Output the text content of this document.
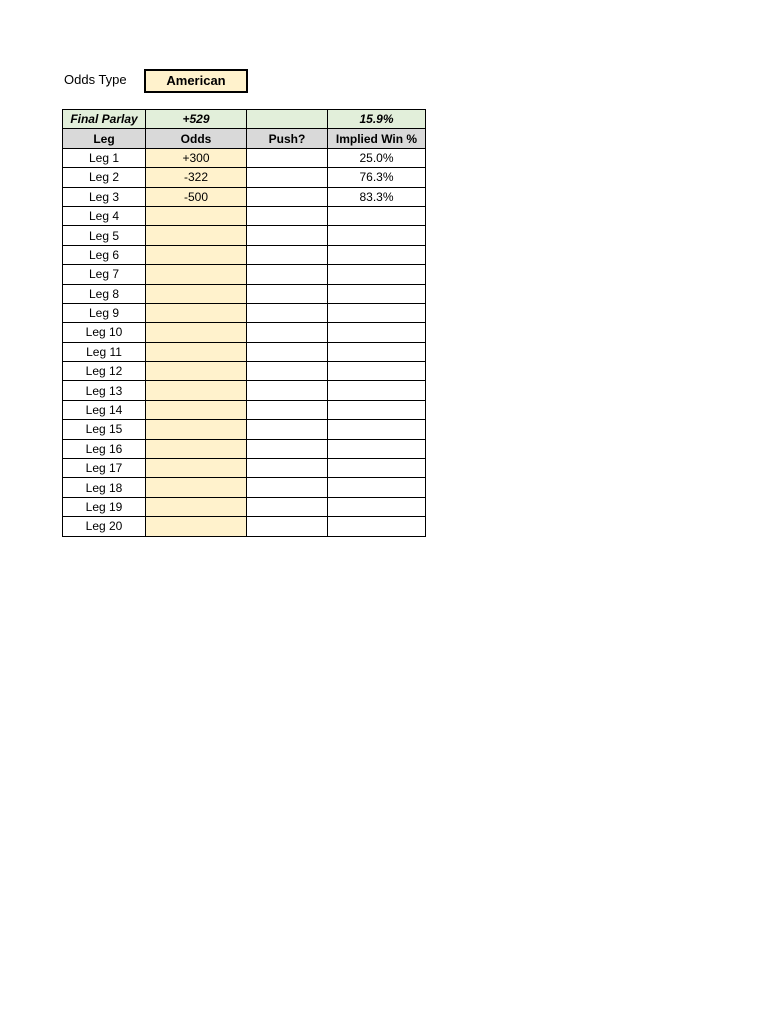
Odds Type	American
Final Parlay	+529		15.9%
Leg	Odds	Push?	Implied Win %
Leg 1	+300		25.0%
Leg 2	-322		76.3%
Leg 3	-500		83.3%
Leg 4			
Leg 5			
Leg 6			
Leg 7			
Leg 8			
Leg 9			
Leg 10			
Leg 11			
Leg 12			
Leg 13			
Leg 14			
Leg 15			
Leg 16			
Leg 17			
Leg 18			
Leg 19			
Leg 20			
